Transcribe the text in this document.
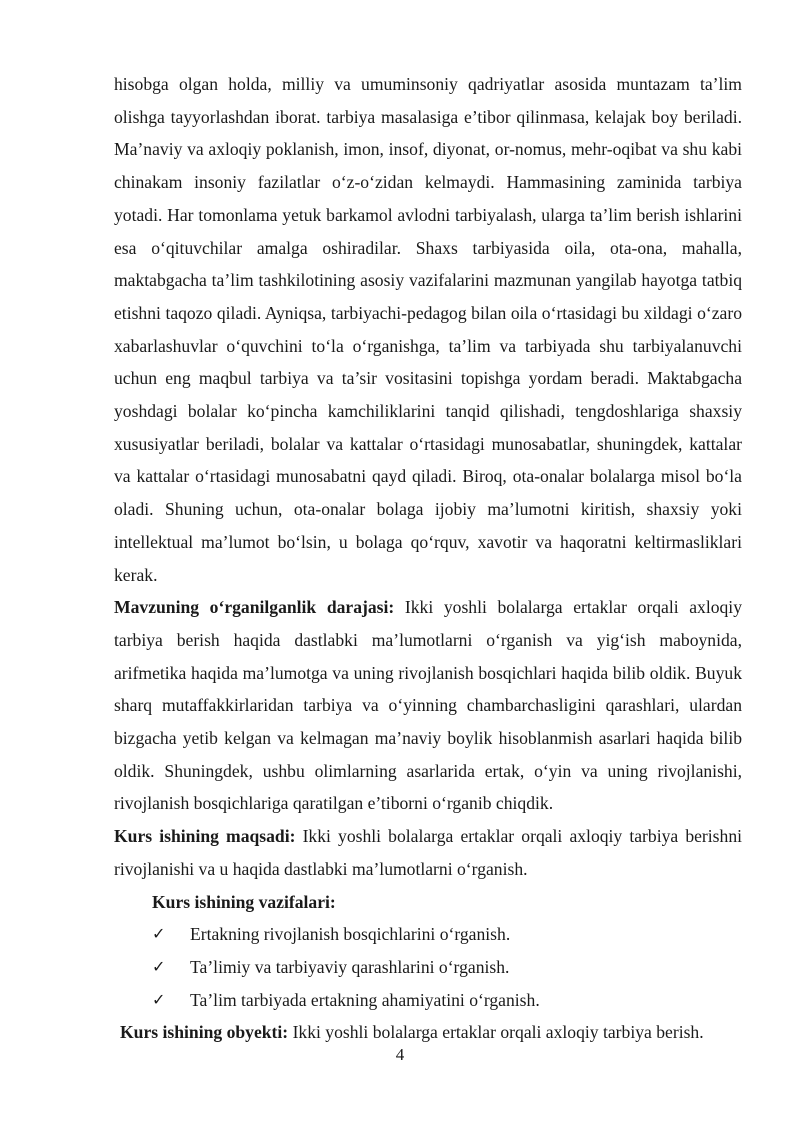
hisobga olgan holda, milliy va umuminsoniy qadriyatlar asosida muntazam ta’lim olishga tayyorlashdan iborat. tarbiya masalasiga e’tibor qilinmasa, kelajak boy beriladi. Ma’naviy va axloqiy poklanish, imon, insof, diyonat, or-nomus, mehr-oqibat va shu kabi chinakam insoniy fazilatlar o‘z-o‘zidan kelmaydi. Hammasining zaminida tarbiya yotadi. Har tomonlama yetuk barkamol avlodni tarbiyalash, ularga ta’lim berish ishlarini esa o‘qituvchilar amalga oshiradilar. Shaxs tarbiyasida oila, ota-ona, mahalla, maktabgacha ta’lim tashkilotining asosiy vazifalarini mazmunan yangilab hayotga tatbiq etishni taqozo qiladi. Ayniqsa, tarbiyachi-pedagog bilan oila o‘rtasidagi bu xildagi o‘zaro xabarlashuvlar o‘quvchini to‘la o‘rganishga, ta’lim va tarbiyada shu tarbiyalanuvchi uchun eng maqbul tarbiya va ta’sir vositasini topishga yordam beradi. Maktabgacha yoshdagi bolalar ko‘pincha kamchiliklarini tanqid qilishadi, tengdoshlariga shaxsiy xususiyatlar beriladi, bolalar va kattalar o‘rtasidagi munosabatlar, shuningdek, kattalar va kattalar o‘rtasidagi munosabatni qayd qiladi. Biroq, ota-onalar bolalarga misol bo‘la oladi. Shuning uchun, ota-onalar bolaga ijobiy ma’lumotni kiritish, shaxsiy yoki intellektual ma’lumot bo‘lsin, u bolaga qo‘rquv, xavotir va haqoratni keltirmasliklari kerak.

Mavzuning o‘rganilganlik darajasi: Ikki yoshli bolalarga ertaklar orqali axloqiy tarbiya berish haqida dastlabki ma’lumotlarni o‘rganish va yig‘ish maboynida, arifmetika haqida ma’lumotga va uning rivojlanish bosqichlari haqida bilib oldik. Buyuk sharq mutaffakkirlaridan tarbiya va o‘yinning chambarchasligini qarashlari, ulardan bizgacha yetib kelgan va kelmagan ma’naviy boylik hisoblanmish asarlari haqida bilib oldik. Shuningdek, ushbu olimlarning asarlarida ertak, o‘yin va uning rivojlanishi, rivojlanish bosqichlariga qaratilgan e’tiborni o‘rganib chiqdik.

Kurs ishining maqsadi: Ikki yoshli bolalarga ertaklar orqali axloqiy tarbiya berishni rivojlanishi va u haqida dastlabki ma’lumotlarni o‘rganish.

Kurs ishining vazifalari:

✓	Ertakning rivojlanish bosqichlarini o‘rganish.
✓	Ta’limiy va tarbiyaviy qarashlarini o‘rganish.
✓	Ta’lim tarbiyada ertakning ahamiyatini o‘rganish.

Kurs ishining obyekti: Ikki yoshli bolalarga ertaklar orqali axloqiy tarbiya berish.

4
